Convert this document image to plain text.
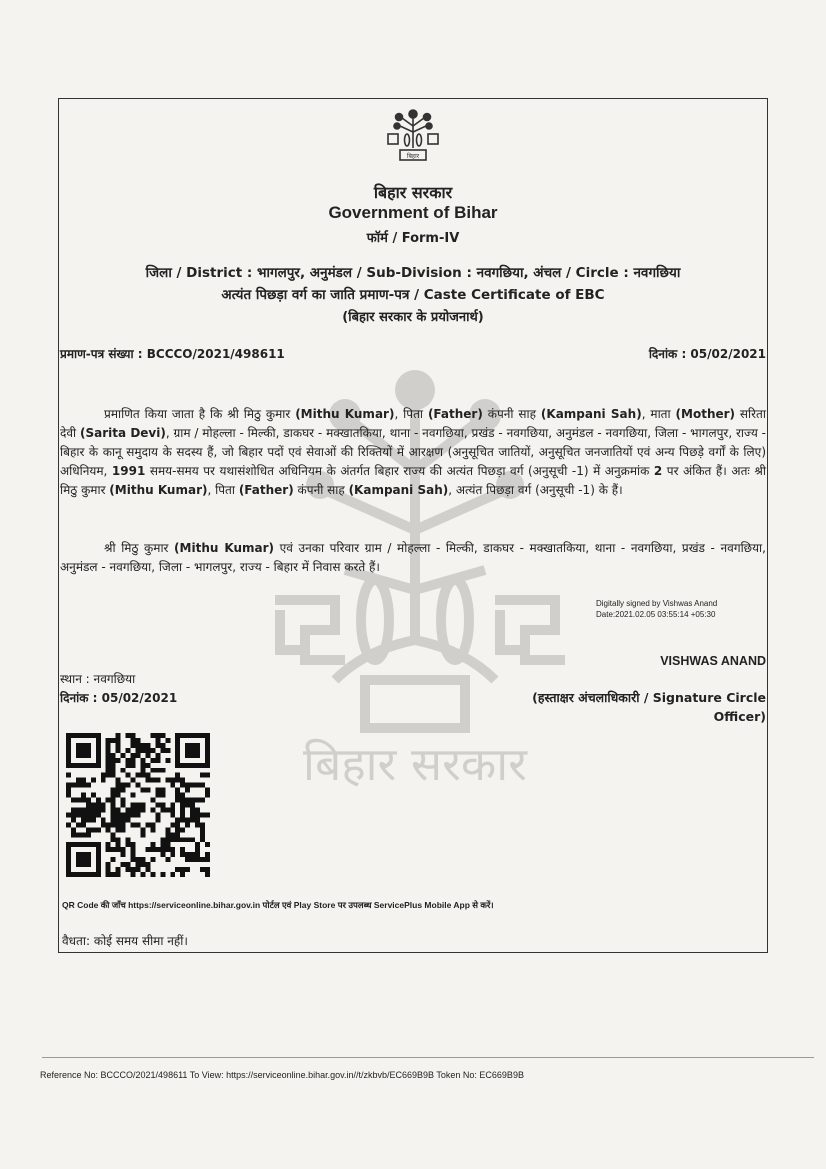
बिहार
बिहार सरकार
बिहार सरकार
Government of Bihar
फॉर्म / Form-IV
जिला / District : भागलपुर, अनुमंडल / Sub-Division : नवगछिया, अंचल / Circle : नवगछिया
अत्यंत पिछड़ा वर्ग का जाति प्रमाण-पत्र / Caste Certificate of EBC
(बिहार सरकार के प्रयोजनार्थ)
प्रमाण-पत्र संख्या : BCCCO/2021/498611	दिनांक : 05/02/2021
प्रमाणित किया जाता है कि श्री मिठु कुमार (Mithu Kumar), पिता (Father) कंपनी साह (Kampani Sah), माता (Mother) सरिता देवी (Sarita Devi), ग्राम / मोहल्ला - मिल्की, डाकघर - मक्खातकिया, थाना - नवगछिया, प्रखंड - नवगछिया, अनुमंडल - नवगछिया, जिला - भागलपुर, राज्य - बिहार के कानू समुदाय के सदस्य हैं, जो बिहार पदों एवं सेवाओं की रिक्तियों में आरक्षण (अनुसूचित जातियों, अनुसूचित जनजातियों एवं अन्य पिछड़े वर्गों के लिए) अधिनियम, 1991 समय-समय पर यथासंशोधित अधिनियम के अंतर्गत बिहार राज्य की अत्यंत पिछड़ा वर्ग (अनुसूची -1) में अनुक्रमांक 2 पर अंकित हैं। अतः श्री मिठु कुमार (Mithu Kumar), पिता (Father) कंपनी साह (Kampani Sah), अत्यंत पिछड़ा वर्ग (अनुसूची -1) के हैं।
श्री मिठु कुमार (Mithu Kumar) एवं उनका परिवार ग्राम / मोहल्ला - मिल्की, डाकघर - मक्खातकिया, थाना - नवगछिया, प्रखंड - नवगछिया, अनुमंडल - नवगछिया, जिला - भागलपुर, राज्य - बिहार में निवास करते हैं।
Digitally signed by Vishwas Anand
Date:2021.02.05 03:55:14 +05:30
VISHWAS ANAND
स्थान : नवगछिया
दिनांक : 05/02/2021	(हस्ताक्षर अंचलाधिकारी / Signature Circle Officer)
QR Code की जाँच https://serviceonline.bihar.gov.in पोर्टल एवं Play Store पर उपलब्ध ServicePlus Mobile App से करें।
वैधता: कोई समय सीमा नहीं।
Reference No: BCCCO/2021/498611 To View: https://serviceonline.bihar.gov.in//t/zkbvb/EC669B9B Token No: EC669B9B
